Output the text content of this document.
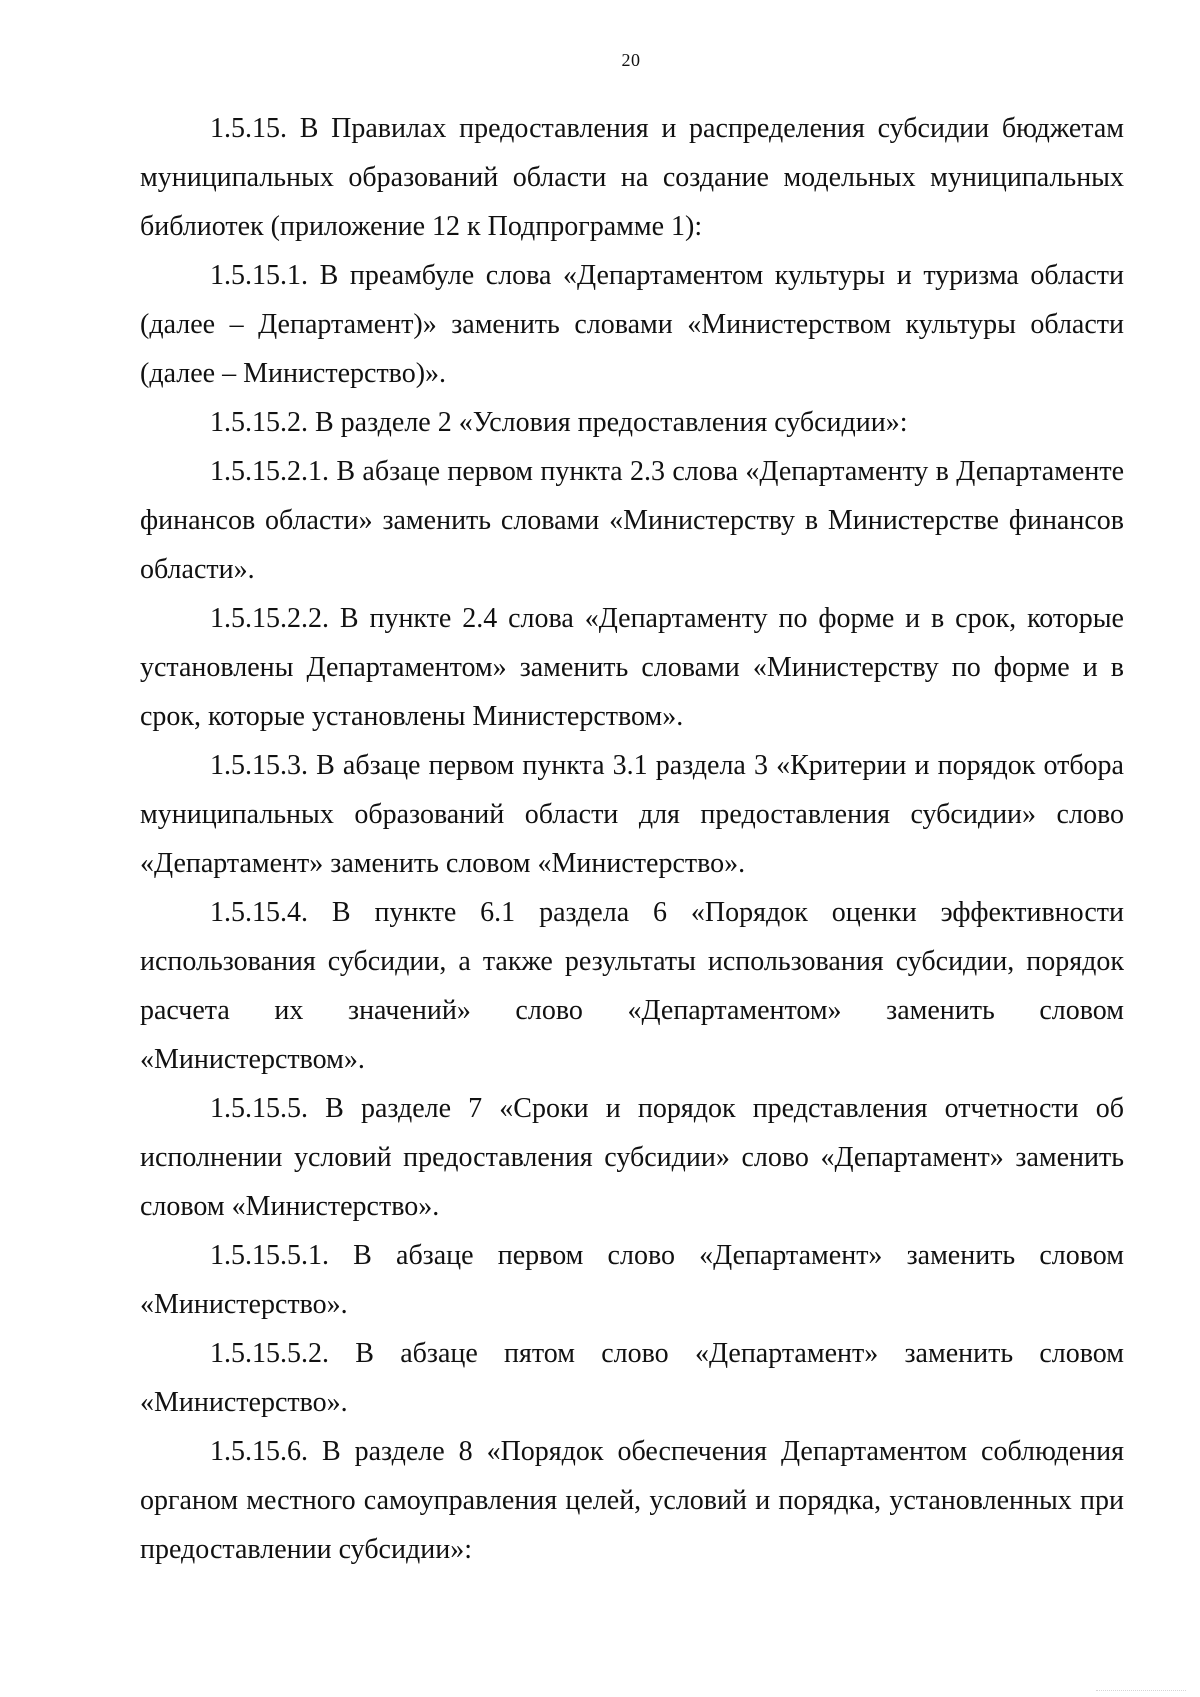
20

1.5.15. В Правилах предоставления и распределения субсидии бюджетам муниципальных образований области на создание модельных муниципальных библиотек (приложение 12 к Подпрограмме 1):

1.5.15.1. В преамбуле слова «Департаментом культуры и туризма области (далее – Департамент)» заменить словами «Министерством культуры области (далее – Министерство)».

1.5.15.2. В разделе 2 «Условия предоставления субсидии»:

1.5.15.2.1. В абзаце первом пункта 2.3 слова «Департаменту в Департаменте финансов области» заменить словами «Министерству в Министерстве финансов области».

1.5.15.2.2. В пункте 2.4 слова «Департаменту по форме и в срок, которые установлены Департаментом» заменить словами «Министерству по форме и в срок, которые установлены Министерством».

1.5.15.3. В абзаце первом пункта 3.1 раздела 3 «Критерии и порядок отбора муниципальных образований области для предоставления субсидии» слово «Департамент» заменить словом «Министерство».

1.5.15.4. В пункте 6.1 раздела 6 «Порядок оценки эффективности использования субсидии, а также результаты использования субсидии, порядок расчета их значений» слово «Департаментом» заменить словом «Министерством».

1.5.15.5. В разделе 7 «Сроки и порядок представления отчетности об исполнении условий предоставления субсидии» слово «Департамент» заменить словом «Министерство».

1.5.15.5.1. В абзаце первом слово «Департамент» заменить словом «Министерство».

1.5.15.5.2. В абзаце пятом слово «Департамент» заменить словом «Министерство».

1.5.15.6. В разделе 8 «Порядок обеспечения Департаментом соблюдения органом местного самоуправления целей, условий и порядка, установленных при предоставлении субсидии»:
